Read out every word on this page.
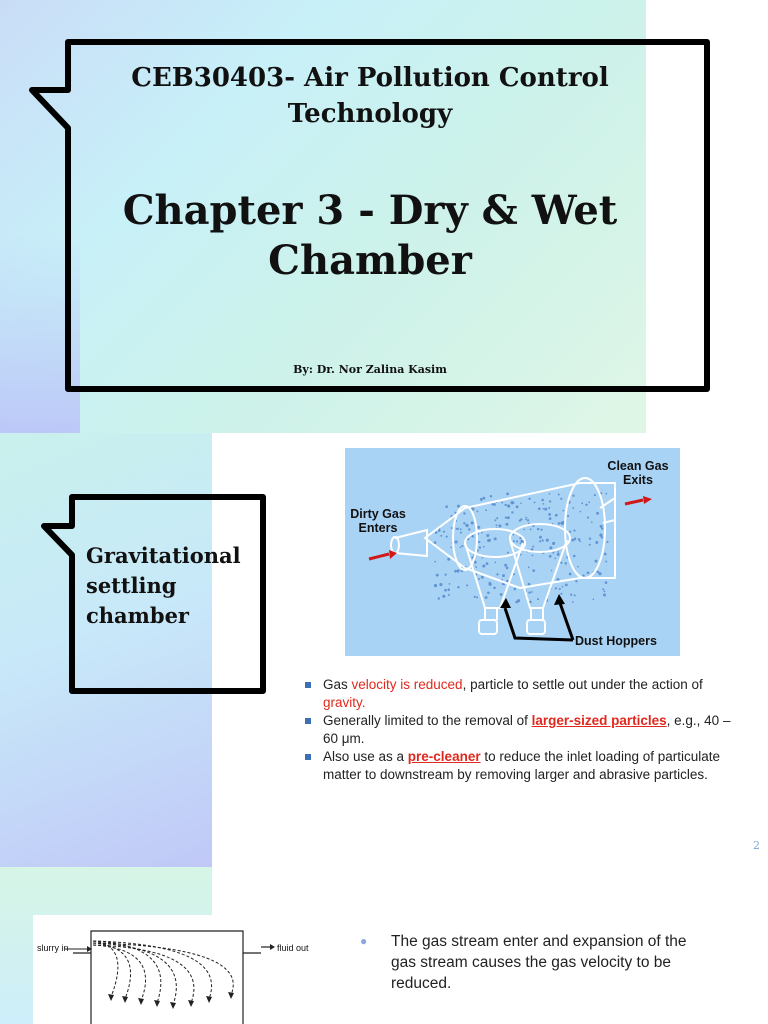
CEB30403- Air Pollution Control Technology
Chapter 3 - Dry & Wet Chamber
By: Dr. Nor Zalina Kasim
Gravitational settling chamber
Clean Gas Exits
Dirty Gas Enters
Dust Hoppers
Gas velocity is reduced, particle to settle out under the action of gravity.
Generally limited to the removal of larger-sized particles, e.g., 40 – 60 μm.
Also use as a pre-cleaner to reduce the inlet loading of particulate matter to downstream by removing larger and abrasive particles.
2
slurry in	fluid out	● The gas stream enter and expansion of the gas stream causes the gas velocity to be reduced.
